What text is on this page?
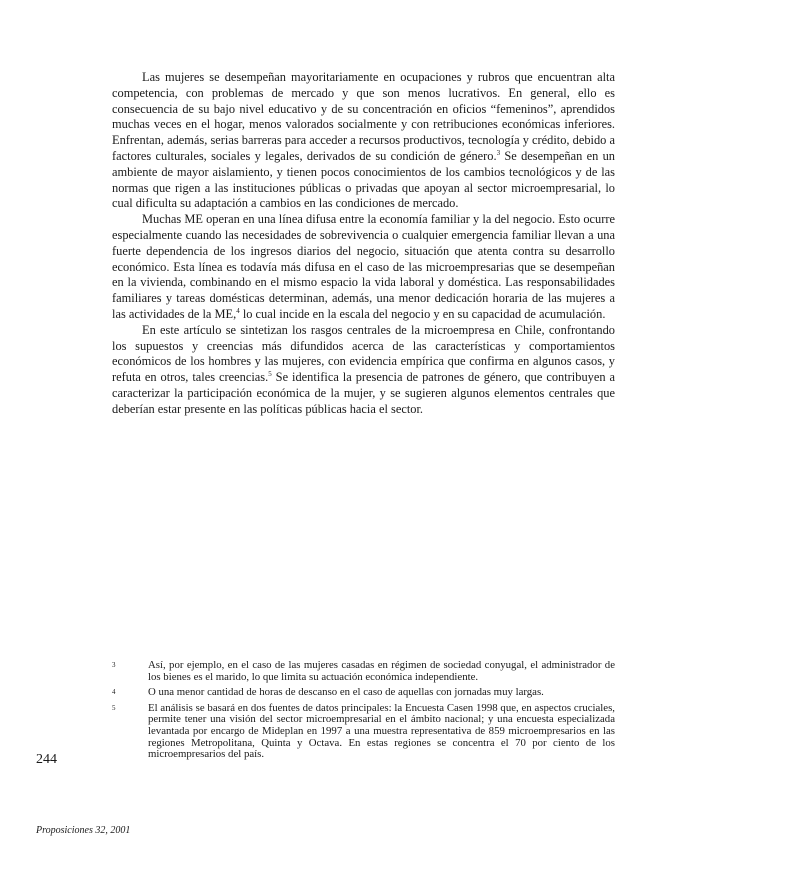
Las mujeres se desempeñan mayoritariamente en ocupaciones y rubros que encuentran alta competencia, con problemas de mercado y que son menos lucrativos. En general, ello es consecuencia de su bajo nivel educativo y de su concentración en oficios “femeninos”, aprendidos muchas veces en el hogar, menos valorados socialmente y con retribuciones económicas inferiores. Enfrentan, además, serias barreras para acceder a recursos productivos, tecnología y crédito, debido a factores culturales, sociales y legales, derivados de su condición de género.$^3$ Se desempeñan en un ambiente de mayor aislamiento, y tienen pocos conocimientos de los cambios tecnológicos y de las normas que rigen a las instituciones públicas o privadas que apoyan al sector microempresarial, lo cual dificulta su adaptación a cambios en las condiciones de mercado.

Muchas ME operan en una línea difusa entre la economía familiar y la del negocio. Esto ocurre especialmente cuando las necesidades de sobrevivencia o cualquier emergencia familiar llevan a una fuerte dependencia de los ingresos diarios del negocio, situación que atenta contra su desarrollo económico. Esta línea es todavía más difusa en el caso de las microempresarias que se desempeñan en la vivienda, combinando en el mismo espacio la vida laboral y doméstica. Las responsabilidades familiares y tareas domésticas determinan, además, una menor dedicación horaria de las mujeres a las actividades de la ME,$^4$ lo cual incide en la escala del negocio y en su capacidad de acumulación.

En este artículo se sintetizan los rasgos centrales de la microempresa en Chile, confrontando los supuestos y creencias más difundidos acerca de las características y comportamientos económicos de los hombres y las mujeres, con evidencia empírica que confirma en algunos casos, y refuta en otros, tales creencias.$^5$ Se identifica la presencia de patrones de género, que contribuyen a caracterizar la participación económica de la mujer, y se sugieren algunos elementos centrales que deberían estar presente en las políticas públicas hacia el sector.

3	Así, por ejemplo, en el caso de las mujeres casadas en régimen de sociedad conyugal, el administrador de los bienes es el marido, lo que limita su actuación económica independiente.
4	O una menor cantidad de horas de descanso en el caso de aquellas con jornadas muy largas.
5	El análisis se basará en dos fuentes de datos principales: la Encuesta Casen 1998 que, en aspectos cruciales, permite tener una visión del sector microempresarial en el ámbito nacional; y una encuesta especializada levantada por encargo de Mideplan en 1997 a una muestra representativa de 859 microempresarios en las regiones Metropolitana, Quinta y Octava. En estas regiones se concentra el 70 por ciento de los microempresarios del país.
244
Proposiciones 32, 2001
